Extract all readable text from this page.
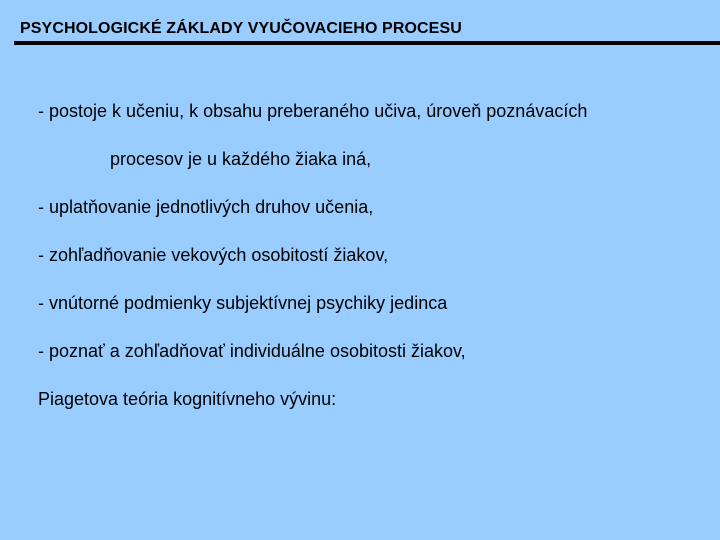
PSYCHOLOGICKÉ ZÁKLADY VYUČOVACIEHO PROCESU
- postoje k učeniu, k obsahu preberaného učiva, úroveň poznávacích
procesov je u každého žiaka iná,
- uplatňovanie jednotlivých druhov učenia,
- zohľadňovanie vekových osobitostí žiakov,
- vnútorné podmienky subjektívnej psychiky jedinca
- poznať a zohľadňovať individuálne osobitosti žiakov,
Piagetova teória kognitívneho vývinu:
